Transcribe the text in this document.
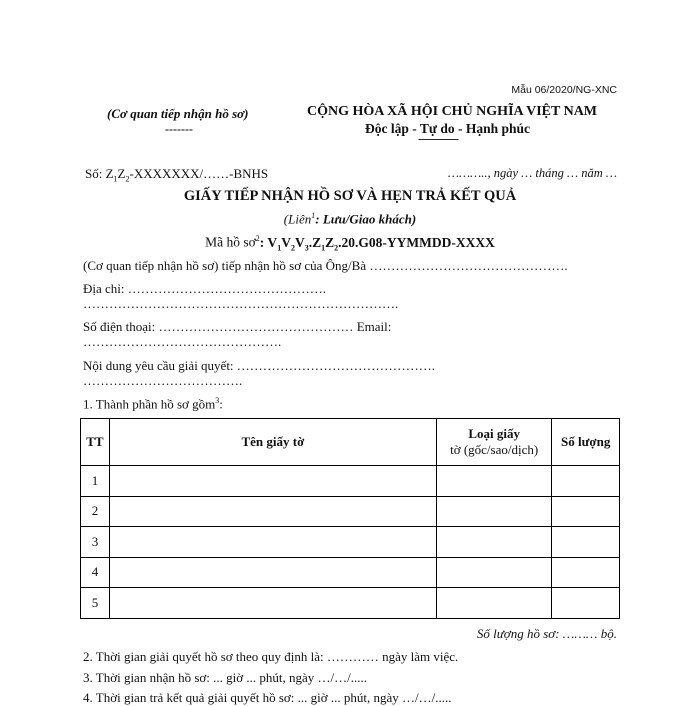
Mẫu 06/2020/NG-XNC
(Cơ quan tiếp nhận hồ sơ)
-------
CỘNG HÒA XÃ HỘI CHỦ NGHĨA VIỆT NAM
Độc lập - Tự do - Hạnh phúc
---------------
Số: $Z_1Z_2-XXXXXXX/\dots\dots$-BNHS	……….., ngày … tháng … năm …
GIẤY TIẾP NHẬN HỒ SƠ VÀ HẸN TRẢ KẾT QUẢ
(Liên$^1$: Lưu/Giao khách)
Mã hồ $sơ^2$: $V_1V_2V_3.Z_1Z_2.20.G08-YYMMDD$-XXXX
(Cơ quan tiếp nhận hồ sơ) tiếp nhận hồ sơ của Ông/Bà ……………………………………….
Địa chỉ: ……………………………………….
……………………………………………………………….
Số điện thoại: ……………………………………… Email:
……………………………………….
Nội dung yêu cầu giải quyết: ……………………………………….
……………………………….
1. Thành phần hồ sơ gồm$^3$:
TT	Tên giấy tờ	Loại giấy
tờ (gốc/sao/dịch)	Số lượng
1			
2			
3			
4			
5			
Số lượng hồ sơ: ……… bộ.
2. Thời gian giải quyết hồ sơ theo quy định là: ………… ngày làm việc.
3. Thời gian nhận hồ sơ: ... giờ ... phút, ngày …/…/.....
4. Thời gian trả kết quả giải quyết hồ sơ: ... giờ ... phút, ngày …/…/.....
